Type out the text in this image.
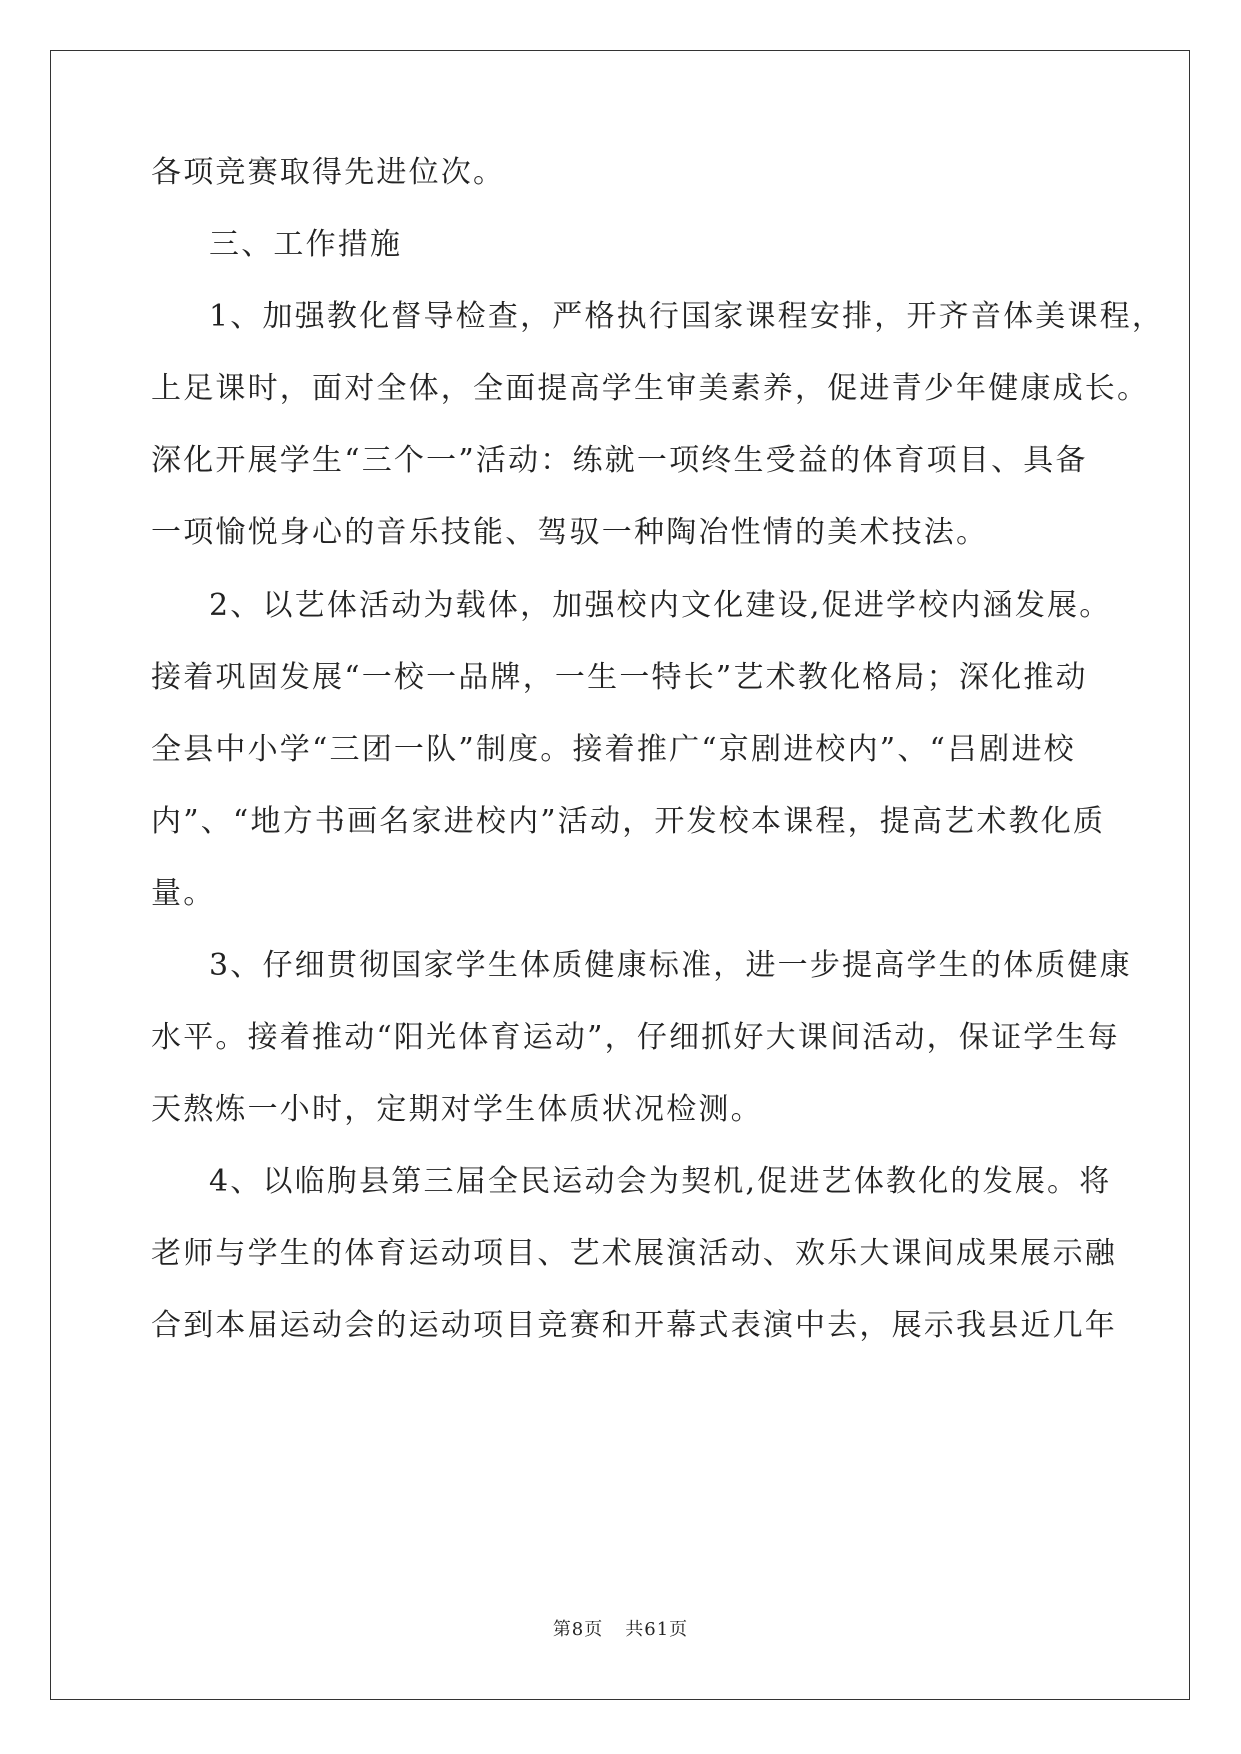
各项竞赛取得先进位次。
三、工作措施
1、加强教化督导检查，严格执行国家课程安排，开齐音体美课程，
上足课时，面对全体，全面提高学生审美素养，促进青少年健康成长。
深化开展学生“三个一”活动：练就一项终生受益的体育项目、具备
一项愉悦身心的音乐技能、驾驭一种陶冶性情的美术技法。
2、以艺体活动为载体，加强校内文化建设,促进学校内涵发展。
接着巩固发展“一校一品牌，一生一特长”艺术教化格局；深化推动
全县中小学“三团一队”制度。接着推广“京剧进校内”、“吕剧进校
内”、“地方书画名家进校内”活动，开发校本课程，提高艺术教化质
量。
3、仔细贯彻国家学生体质健康标准，进一步提高学生的体质健康
水平。接着推动“阳光体育运动”，仔细抓好大课间活动，保证学生每
天熬炼一小时，定期对学生体质状况检测。
4、以临朐县第三届全民运动会为契机,促进艺体教化的发展。将
老师与学生的体育运动项目、艺术展演活动、欢乐大课间成果展示融
合到本届运动会的运动项目竞赛和开幕式表演中去，展示我县近几年
第8页 共61页
